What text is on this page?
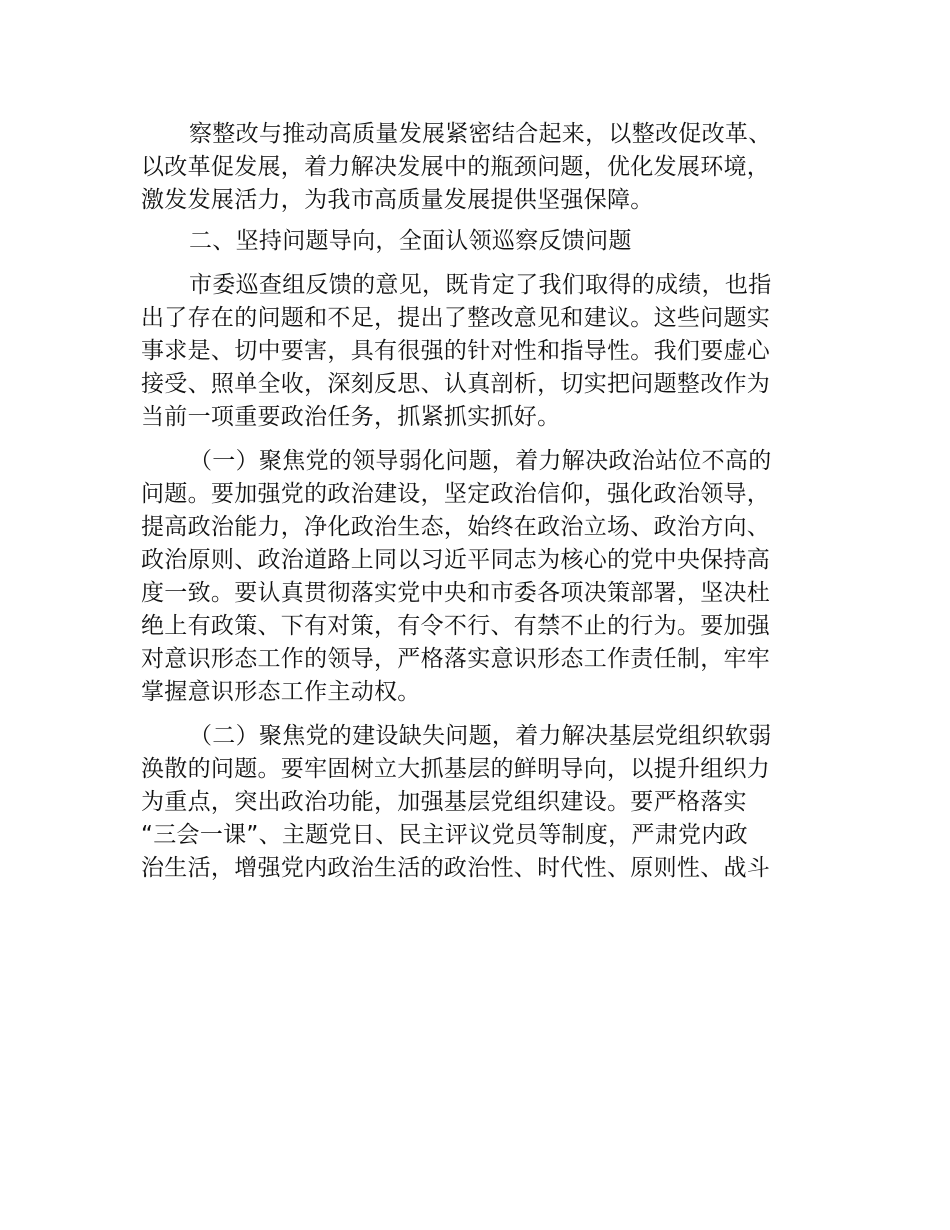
察整改与推动高质量发展紧密结合起来，以整改促改革、
以改革促发展，着力解决发展中的瓶颈问题，优化发展环境，
激发发展活力，为我市高质量发展提供坚强保障。
二、坚持问题导向，全面认领巡察反馈问题
市委巡查组反馈的意见，既肯定了我们取得的成绩，也指
出了存在的问题和不足，提出了整改意见和建议。这些问题实
事求是、切中要害，具有很强的针对性和指导性。我们要虚心
接受、照单全收，深刻反思、认真剖析，切实把问题整改作为
当前一项重要政治任务，抓紧抓实抓好。
（一）聚焦党的领导弱化问题，着力解决政治站位不高的
问题。要加强党的政治建设，坚定政治信仰，强化政治领导，
提高政治能力，净化政治生态，始终在政治立场、政治方向、
政治原则、政治道路上同以习近平同志为核心的党中央保持高
度一致。要认真贯彻落实党中央和市委各项决策部署，坚决杜
绝上有政策、下有对策，有令不行、有禁不止的行为。要加强
对意识形态工作的领导，严格落实意识形态工作责任制，牢牢
掌握意识形态工作主动权。
（二）聚焦党的建设缺失问题，着力解决基层党组织软弱
涣散的问题。要牢固树立大抓基层的鲜明导向，以提升组织力
为重点，突出政治功能，加强基层党组织建设。要严格落实
“三会一课”、主题党日、民主评议党员等制度，严肃党内政
治生活，增强党内政治生活的政治性、时代性、原则性、战斗
